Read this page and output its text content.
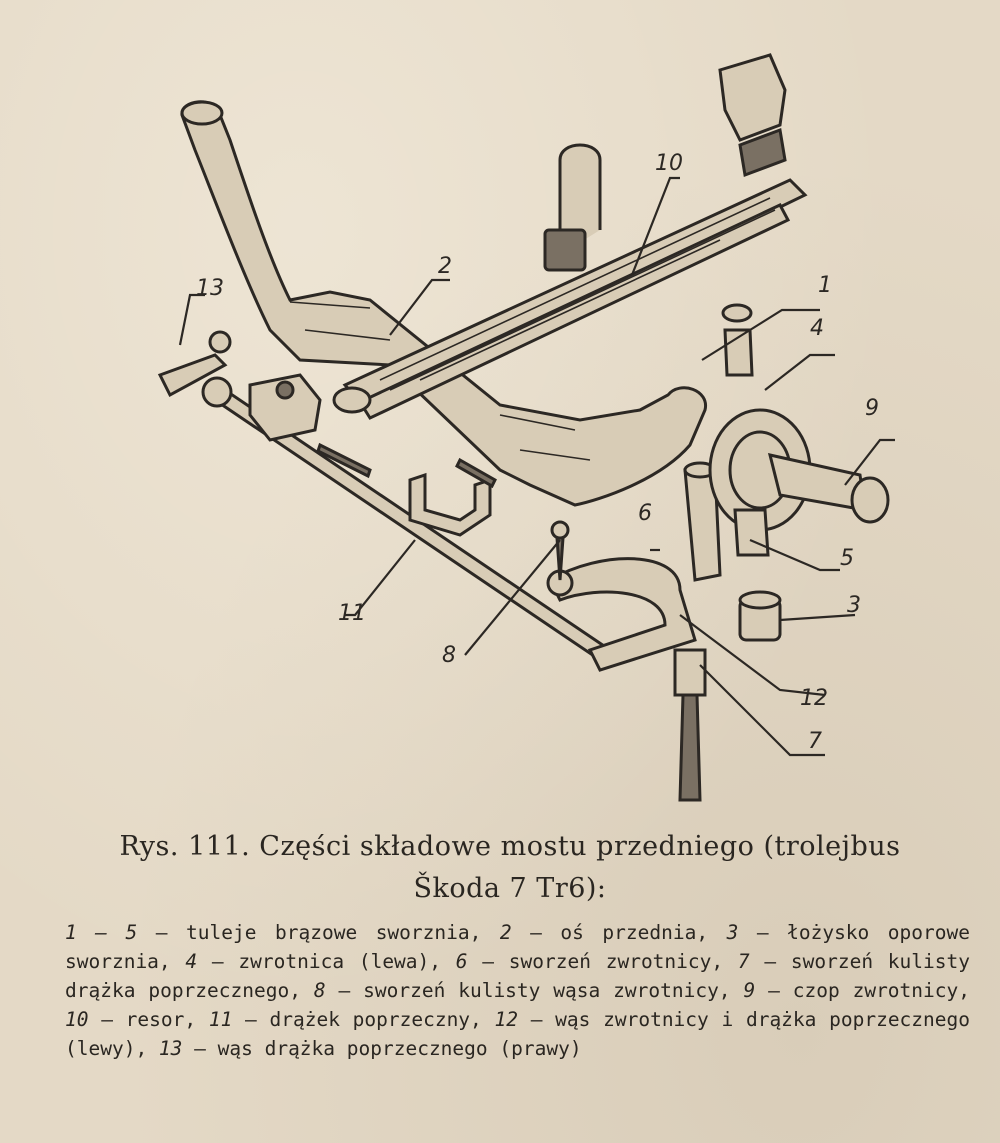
1
2
3
4
5
6
7
8
9
10
11
12
13
Rys. 111. Części składowe mostu przedniego (trolejbus
Škoda 7 Tr6):
1 — 5 — tuleje brązowe sworznia, 2 — oś przednia, 3 — łożysko oporowe sworznia, 4 — zwrotnica (lewa), 6 — sworzeń zwrotnicy, 7 — sworzeń kulisty drążka poprzecznego, 8 — sworzeń kulisty wąsa zwrotnicy, 9 — czop zwrotnicy, 10 — resor, 11 — drążek poprzeczny, 12 — wąs zwrotnicy i drążka poprzecznego (lewy), 13 — wąs drążka poprzecznego (prawy)
